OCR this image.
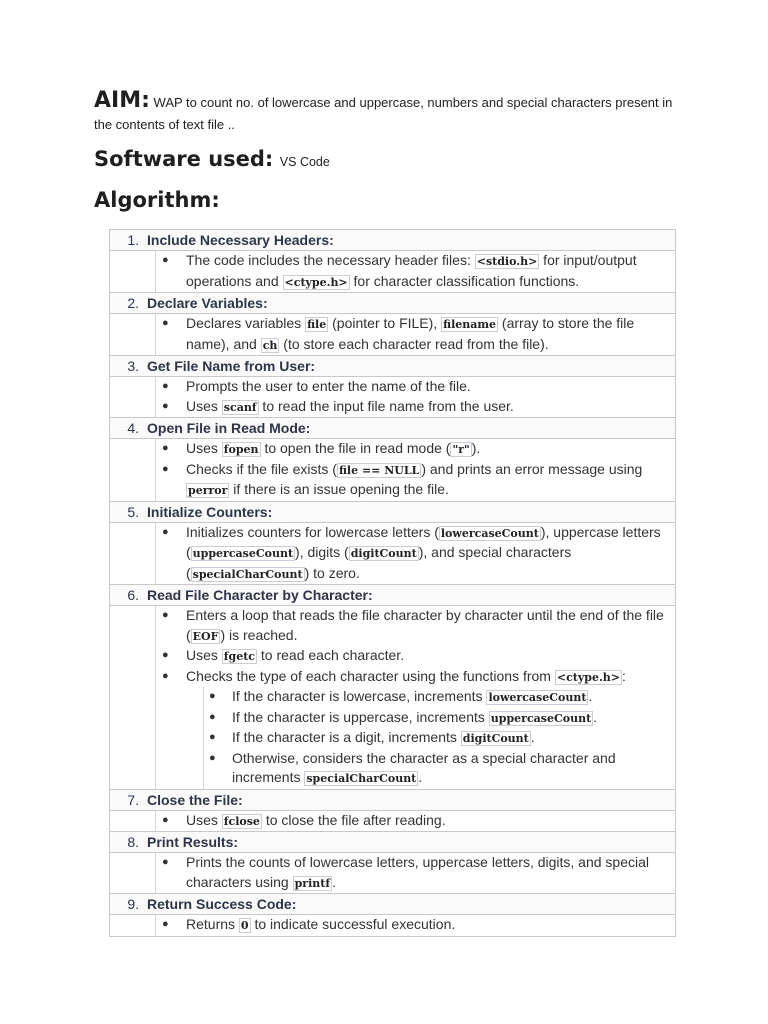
AIM: WAP to count no. of lowercase and uppercase, numbers and special characters present in the contents of text file ..
Software used: VS Code
Algorithm:
1. Include Necessary Headers:
● The code includes the necessary header files: <stdio.h> for input/output operations and <ctype.h> for character classification functions.
2. Declare Variables:
● Declares variables file (pointer to FILE), filename (array to store the file name), and ch (to store each character read from the file).
3. Get File Name from User:
● Prompts the user to enter the name of the file.
● Uses scanf to read the input file name from the user.
4. Open File in Read Mode:
● Uses fopen to open the file in read mode ( "r" ).
● Checks if the file exists ( file == NULL ) and prints an error message using perror if there is an issue opening the file.
5. Initialize Counters:
● Initializes counters for lowercase letters ( lowercaseCount ), uppercase letters ( uppercaseCount ), digits ( digitCount ), and special characters ( specialCharCount ) to zero.
6. Read File Character by Character:
● Enters a loop that reads the file character by character until the end of the file ( EOF ) is reached.
● Uses fgetc to read each character.
● Checks the type of each character using the functions from <ctype.h> :
● If the character is lowercase, increments lowercaseCount .
● If the character is uppercase, increments uppercaseCount .
● If the character is a digit, increments digitCount .
● Otherwise, considers the character as a special character and increments specialCharCount .
7. Close the File:
● Uses fclose to close the file after reading.
8. Print Results:
● Prints the counts of lowercase letters, uppercase letters, digits, and special characters using printf .
9. Return Success Code:
● Returns 0 to indicate successful execution.
